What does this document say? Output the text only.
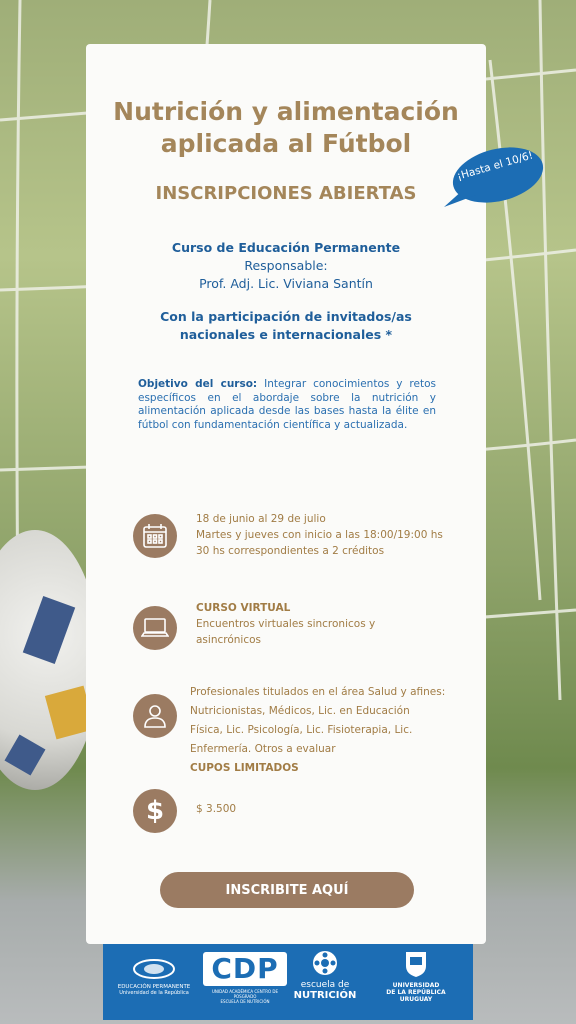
Nutrición y alimentación
aplicada al Fútbol
INSCRIPCIONES ABIERTAS
Curso de Educación Permanente
Responsable:
Prof. Adj. Lic. Viviana Santín
Con la participación de invitados/as
nacionales e internacionales *
Objetivo del curso: Integrar conocimientos y retos específicos en el abordaje sobre la nutrición y alimentación aplicada desde las bases hasta la élite en fútbol con fundamentación científica y actualizada.
18 de junio al 29 de julio
Martes y jueves con inicio a las 18:00/19:00 hs
30 hs correspondientes a 2 créditos
CURSO VIRTUAL
Encuentros virtuales sincronicos y
asincrónicos
Profesionales titulados en el área Salud y afines:
Nutricionistas, Médicos, Lic. en Educación
Física, Lic. Psicología, Lic. Fisioterapia, Lic.
Enfermería. Otros a evaluar
CUPOS LIMITADOS
$	$ 3.500
INSCRIBITE AQUÍ
¡Hasta el 10/6!
EDUCACIÓN PERMANENTE
Universidad de la República
CDP
UNIDAD ACADÉMICA CENTRO DE POSGRADO
ESCUELA DE NUTRICIÓN
escuela de
NUTRICIÓN
UNIVERSIDAD
DE LA REPÚBLICA
URUGUAY
